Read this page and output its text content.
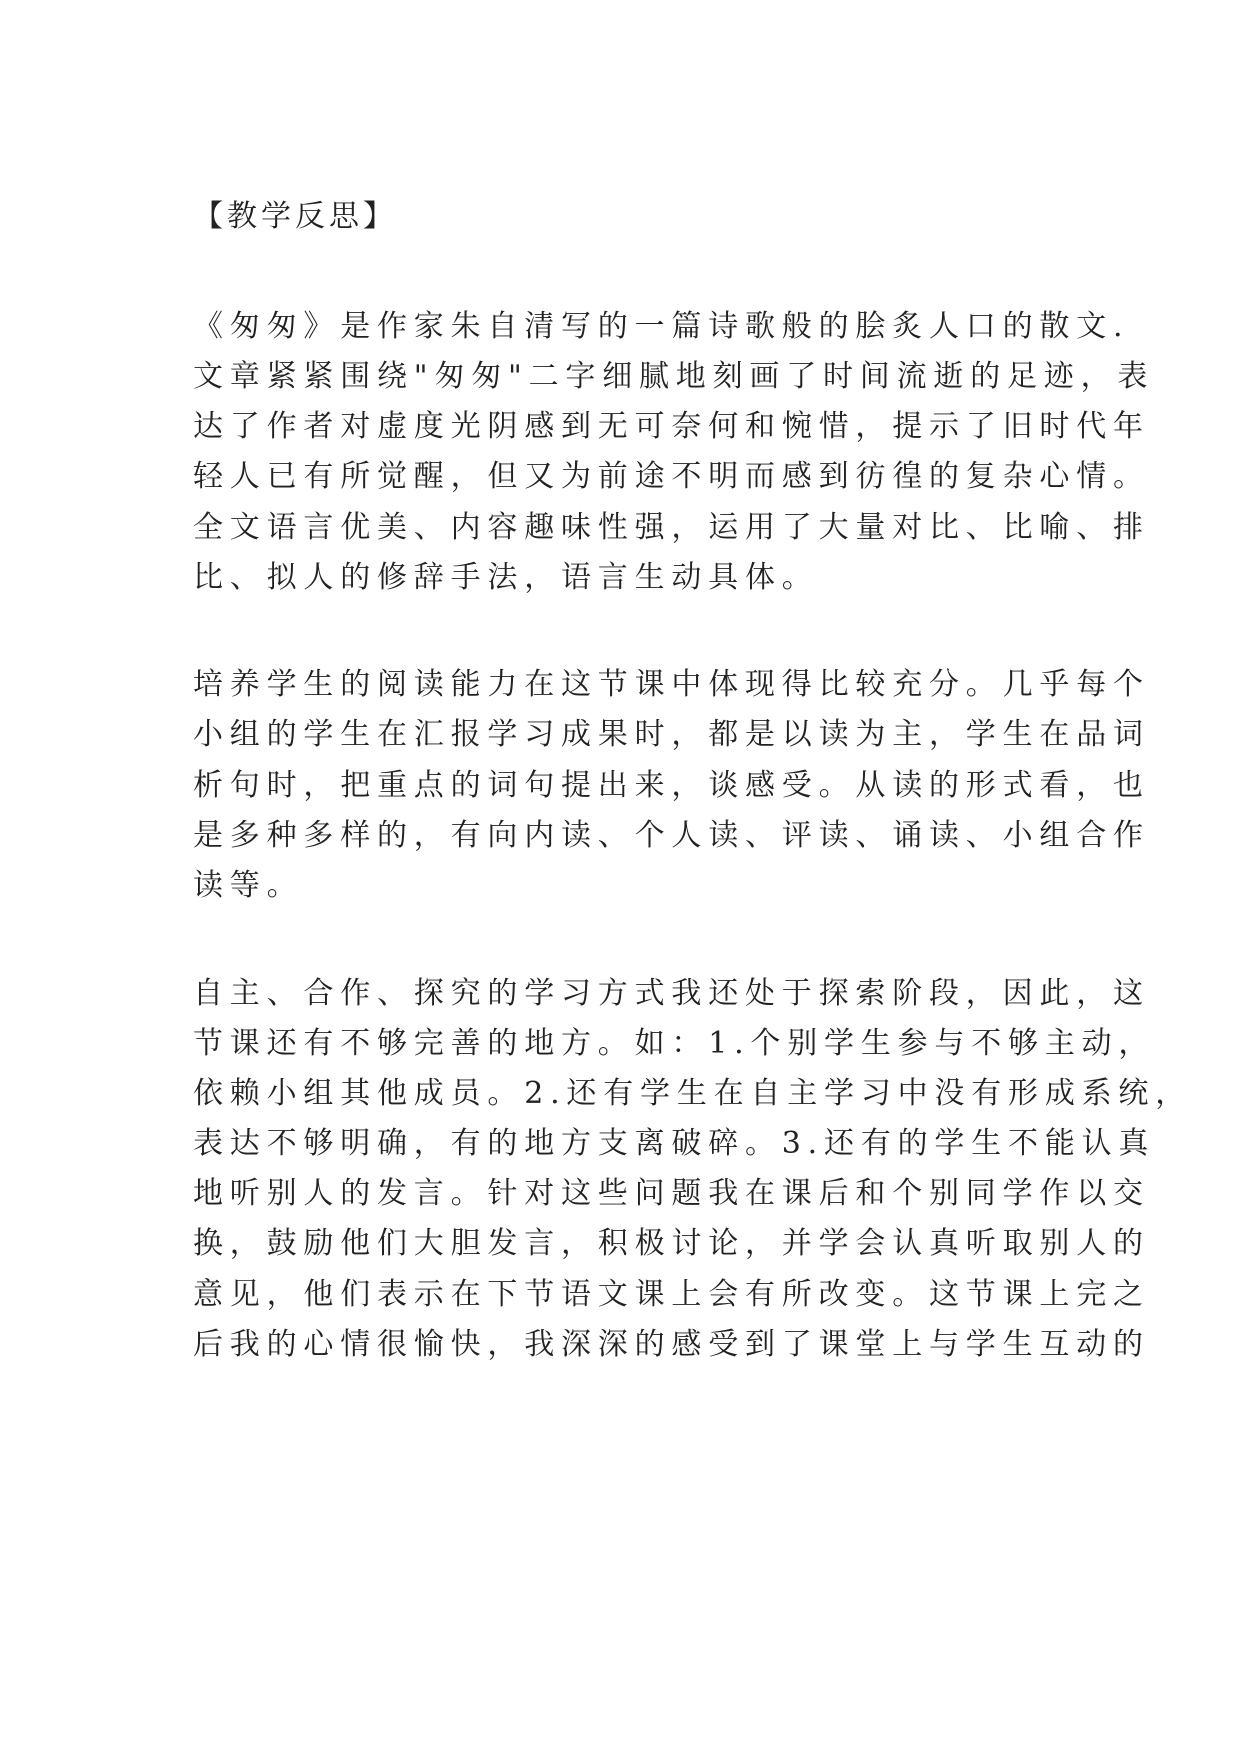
【教学反思】
《匆匆》是作家朱自清写的一篇诗歌般的脍炙人口的散文.
文章紧紧围绕"匆匆"二字细腻地刻画了时间流逝的足迹，表
达了作者对虚度光阴感到无可奈何和惋惜，提示了旧时代年
轻人已有所觉醒，但又为前途不明而感到彷徨的复杂心情。
全文语言优美、内容趣味性强，运用了大量对比、比喻、排
比、拟人的修辞手法，语言生动具体。
培养学生的阅读能力在这节课中体现得比较充分。几乎每个
小组的学生在汇报学习成果时，都是以读为主，学生在品词
析句时，把重点的词句提出来，谈感受。从读的形式看，也
是多种多样的，有向内读、个人读、评读、诵读、小组合作
读等。
自主、合作、探究的学习方式我还处于探索阶段，因此，这
节课还有不够完善的地方。如：1.个别学生参与不够主动，
依赖小组其他成员。2.还有学生在自主学习中没有形成系统，
表达不够明确，有的地方支离破碎。3.还有的学生不能认真
地听别人的发言。针对这些问题我在课后和个别同学作以交
换，鼓励他们大胆发言，积极讨论，并学会认真听取别人的
意见，他们表示在下节语文课上会有所改变。这节课上完之
后我的心情很愉快，我深深的感受到了课堂上与学生互动的
